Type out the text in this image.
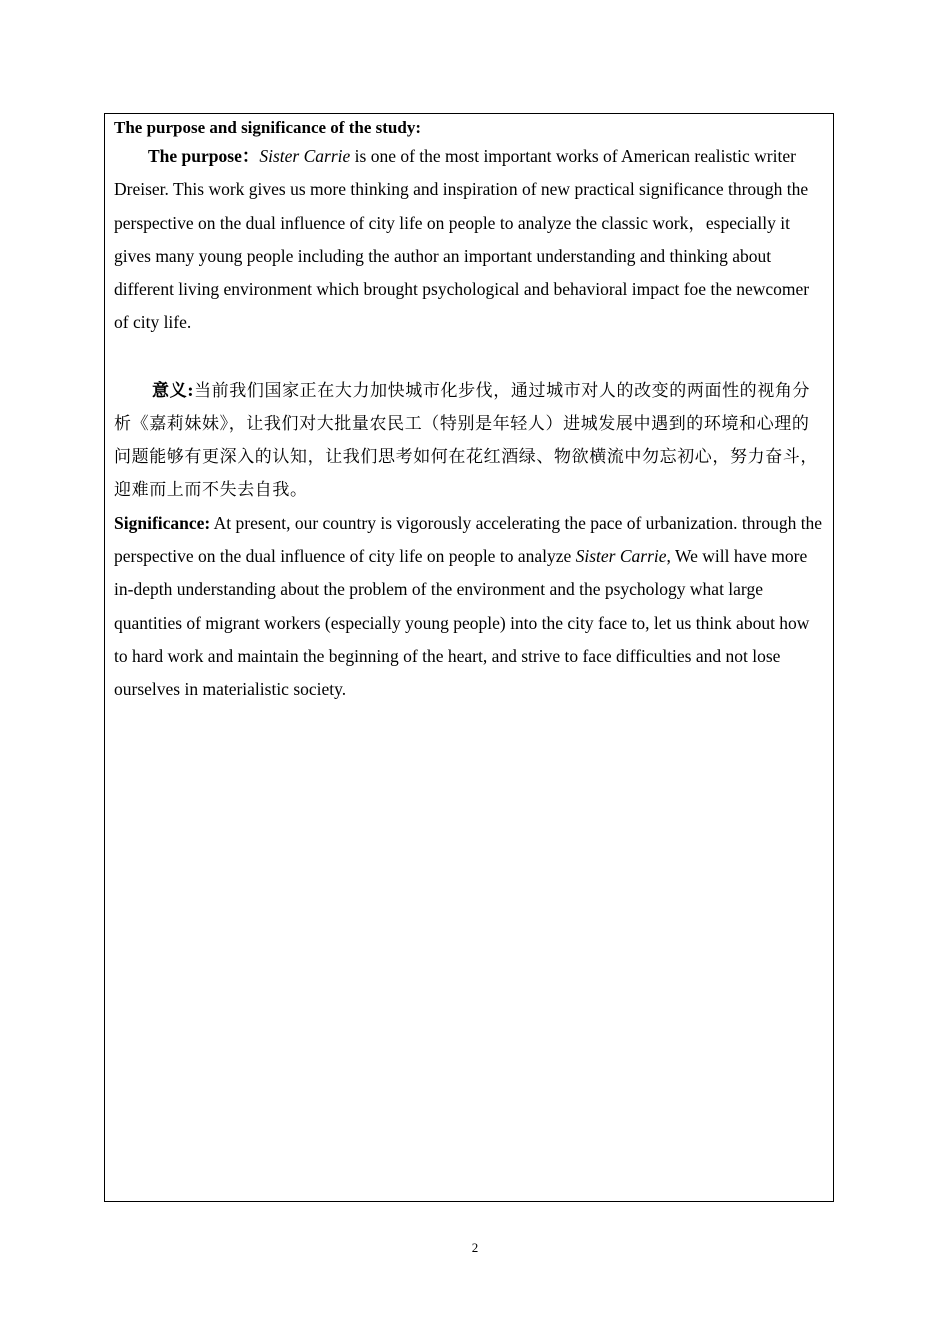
The purpose and significance of the study:

The purpose：Sister Carrie is one of the most important works of American realistic writer Dreiser. This work gives us more thinking and inspiration of new practical significance through the perspective on the dual influence of city life on people to analyze the classic work，especially it gives many young people including the author an important understanding and thinking about different living environment which brought psychological and behavioral impact foe the newcomer of city life.

意义:当前我们国家正在大力加快城市化步伐，通过城市对人的改变的两面性的视角分析《嘉莉妹妹》，让我们对大批量农民工（特别是年轻人）进城发展中遇到的环境和心理的问题能够有更深入的认知，让我们思考如何在花红酒绿、物欲横流中勿忘初心，努力奋斗，迎难而上而不失去自我。

Significance: At present, our country is vigorously accelerating the pace of urbanization. through the perspective on the dual influence of city life on people to analyze Sister Carrie, We will have more in-depth understanding about the problem of the environment and the psychology what large quantities of migrant workers (especially young people) into the city face to, let us think about how to hard work and maintain the beginning of the heart, and strive to face difficulties and not lose ourselves in materialistic society.

2
